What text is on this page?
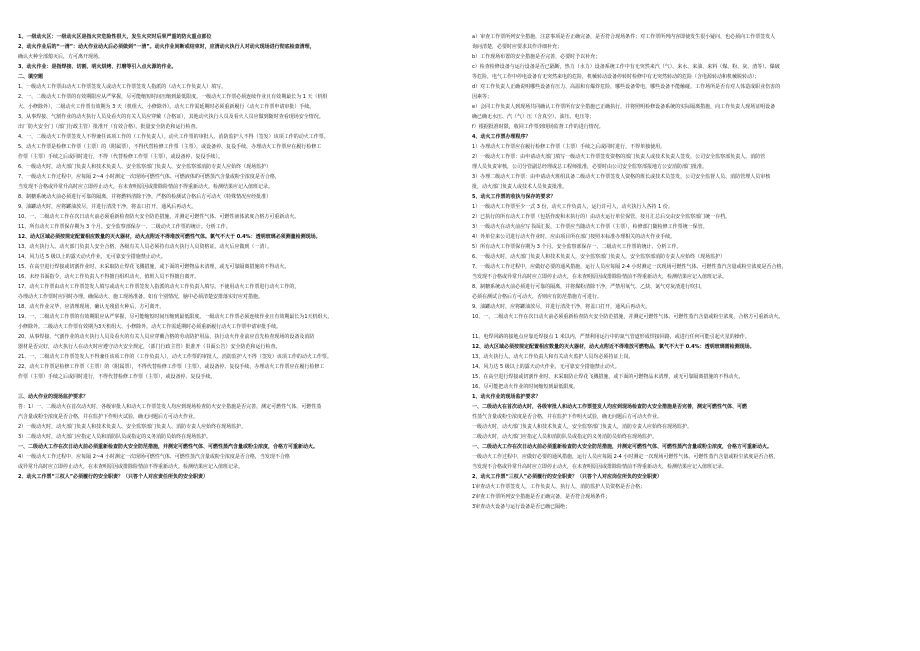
1、一级动火区：一级动火区是指火灾危险性很大，发生火灾时后果严重的防火重点部位

2、动火作业后的“一清”：动火作业动火后必须做到“一清”。动火作业间断或结束时，应清动火执行人对动火现场进行彻底检查清理，

确认火种全部熄灭后，方可离开现场。

3、动火作业：是指焊接、切割、明火烘烤、打磨等引入点火源的作业。

二、填空题

1、一级动火工作票由动火工作票签发人或动火工作票签发人指派的（动火工作负责人）填写。

2、一、二级动火工作票的有效期限应从严掌握，尽可能缩短时间压缩到最低限度。一级动火工作票必须连续作业且有效期最长为 1 天（机组

大、小修除外），二级动火工作票有效期为 3 天（机组大、小修除外）。动火工作需延期时必须重新履行（动火工作票申请审批）手续。

3、从事焊接、气割作业的动火执行人员及看火的有关人员应穿戴（合格证），其他动火执行人员及看火人员应做到随时查看现场安全情况。

出厂防火安全门（部门行政主管）批准开（有效合格）。批量安全防范和运行检查。

4、一、二级动火工作票签发人不得兼任该项工作的（工作负责人）。动火工作票的审批人、消防监护人不得（签发）该项工作的动火工作票。

5、动火工作票是检修工作票（主票）的（附属票），不得代替检修工作票（主票），或设备停、复役手续，办理动火工作票应在履行检修工

作票（主票）手续之后或同时进行，不得（代替检修工作票（主票），或设备停、复役手续）。

6、一级动火时，动火部门负责人和技术负责人、安全监察部门负责人、安全监察部消防专责人应始终（现场监护）

7、一级动火工作过程中，应每隔 2~4 小时测定一次现场可燃性气体、可燃液体的可燃蒸汽含量或粉尘浓度是否合格，

当发现不合格或异常升高时应立即停止动火，在未查明原因或排除险情前不得重新动火。检测结果应记入值班记录。

8、制糖系统动火前必须进行可靠的隔离，并将燃料清除干净，严格的检测试合格后方可动火（特殊情况应经批准）

9、油罐动火时，应将罐油放尽，并进行清洗干净，将盖口打开，通风后再动火。

10、一、二级动火工作在次日动火前必须重新检查防火安全防范措施，并测定可燃性气体、可燃性液体浓度合格方可重新动火。

11、所有动火工作票保存期为 3 个月。安全监察部保存一、二级动火工作票的统计。分析工作。

12、动火区域必须按规定配置相应数量的灭火器材，动火点附近不得堆放可燃性气体。氯气不大于 0.4%：透明玻璃必须测量检测现场。

13、动火执行人、动火部门负责人安全合格，各级有关人员必须持有动火执行人员资格证。动火后应做到（一清）。

14、风力达 5 级以上的露天动火作业，无可靠安全措施禁止动火。

15、在高空进行焊接或切割作业时，未采取防止焊花飞溅措施，或下面的可燃物品未清理，或无可靠隔离措施的不得动火。

16、未经书面指令，动火工作负责人不得擅自组织动火，值班人员不得擅自离开。

17、动火工作票由动火工作票签发人填写或动火工作票签发人指派的动火工作负责人填写。不使用动火工作票进行动火工作的，

办理动火工作票时应同时办理。确保动火、施工现场准备。如有个别情况，脑中必须清楚安排落实好应对措施。

18、动火作业完毕，应清理现场，确认无残留火种后，方可离开。

19、一、二级动火工作票的有效期限应从严掌握，尽可能缩短时间压缩到最低限度。一级动火工作票必须连续作业且有效期最长为1天机组大、

小修除外。二级动火工作票有效期为3天机组大、小修除外。动火工作需延期时必须重新履行动火工作票申请审批手续。

20、从事焊接、气割作业的动火执行人员及看火的有关人员应穿戴合格的劳动防护用品，执行动火作业前应首先检查现场的设备及消防

器材是否完好，动火执行人在动火时应遵守动火安全规定，（部门行政主管）批准开（书面公告）安全防范和运行检查。

21、一、二级动火工作票签发人不得兼任该项工作的（工作负责人），动火工作票的审批人、消防监护人不得（签发）该项工作的动火工作票。

22、动火工作票是检修工作票（主票）的（附属票），不得代替检修工作票（主票），或设备停、复役手续，办理动火工作票应在履行检修工

作票（主票）手续之后或同时进行，不得代替检修工作票（主票），或设备停、复役手续。

三、动火作业的现场监护要求？

答：1）一、二级动火在首次动火时，各级审批人和动火工作票签发人均应到现场检查防火安全措施是否完善，测定可燃性气体、可燃性蒸

汽含量或粉尘浓度是否合格，并在监护下作明火试验，确无问题后方可动火作业。

2）一级动火时，动火部门负责人和技术负责人、安全监察部门负责人、消防专责人应始终在现场监护。

3）二级动火时，动火部门应指定人员和消防队员或指定的义务消防员始终在现场监护。

一、二级动火工作在次日动火前必须重新检查防火安全防范措施，并测定可燃性气体、可燃性蒸汽含量或粉尘浓度，合格方可重新动火。

4）一级动火工作过程中，应每隔 2~4 小时测定一次现场可燃性气体、可燃性蒸汽含量或粉尘浓度是否合格，当发现不合格

或异常升高时应立即停止动火，在未查明原因或排除险情前不得重新动火。检测结果应记入值班记录。

2、动火工作票“三权人”必须履行的安全职责？（只答个人对应责任所负的安全职责）

a）审查工作票所列安全措施，注意事项是否正确完备，是否符合现场条件；对工作票所列内容即使发生很小疑问，也必须向工作票签发人

询问清楚，必要时应要求其作详细补充；

b）工作现场布置的安全措施是否完善，必要时予以补充；

c）检查检修设备与运行设备是否已隔断，热力（水力）设备系统工作中有无突然来汽（气）、来水、来油、来料（煤、粉、灰、渣等）、爆破

等危险，电气工作中停电设备有无突然来电的危险，机械转动设备停转时检修中有无突然转动的危险（含电源转动和机械脱转动）；

d）对工作负责人正确说明哪些设备有压力、高温和有爆炸危险，哪些设备带电，哪些设备不能触碰。工作场所是否有对人体造成职业伤害的

因素等；

e）会同工作负责人到现场共同确认工作票所有安全措施已正确执行，并将照明检修设备系统的实际隔离措施，向工作负责人现场证明设备

确已确无水压、汽（气）压（含真空）、油压、电压等；

f）根据批准时限，收回工作票到现场监督工作的进行情况。

4、动火工作票办理程序？

1）办理动火工作票应在履行检修工作票（主票）手续之后或同时进行，不得单独使用。

2）一级动火工作票：由申请动火部门填写一级动火工作票签发资格的部门负责人或技术负责人签发，公司安全监察部负责人、消防管

理人员负责审核，公司分管副总经理或总工程师批准，必要时由公司安全监察部报地方公安消防部门批准。

3）办理二级动火工作票：由申请动火班组具备二级动火工作票签发人资格的班长或技术员签发，公司安全监督人员、消防管理人员审核

批，动火部门负责人或技术人员负责批准。

5、动火工作票的收执与保存的要求？

1）一级动火工作票至少一式 3 份，动火工作负责人，运行许可人，动火执行人各持 1 份。

2）已执行的所有动火工作票（包括作废和未执行的）由动火运行单位保管，按月汇总后交由安全监察部门统一存档。

3）一级动火在动火前应写书面汇报，工作票应当随动火工作票（主票），检修部门随检修工作票统一保管。

4）外单位来公司进行动火作业时，应由项目所在部门按照本标准办理相关的动火作业手续。

5）所有动火工作票保存期为 3 个月。安全监察部保存一、二级动火工作票的统计、分析工作。

6、一级动火时，动火部门负责人和技术负责人，安全监察部门负责人，安全监察部消防专责人应始终（现场监护）

7、一级动火工作过程中，应做好必要的通风措施，运行人员应每隔 2-4 小时测定一次现场可燃性气体、可燃性蒸汽含量或粉尘浓度是否合格，

当发现不合格或异常升高时应立即停止动火，在未查明原因或排除险情前不得重新动火，检测结果应记入值班记录。

8、制糖系统动火前必须进行可靠的隔离，并将煤粉清除干净，严禁用氧气、乙炔、氮气对灰渣进行吹扫，

必须在测试合格后方可动火，否则应有防范措施方可进行。

9、油罐动火时，应将罐油放尽，并进行清洗干净，将盖口打开，通风后再动火。

10、一、二级动火工作在次日动火前必须重新检查防火安全防范措施，并测定可燃性气体、可燃性蒸汽含量或粉尘浓度，合格方可重新动火。

11、电焊回路的接地点应靠近焊接点 1 米以内，严禁利用运行中的氮气管道形成焊接回路，或进行任何可能引起火星的操作。

12、动火区域必须按规定配置相应数量的灭火器材，动火点附近不得堆放可燃物品，氯气不大于 0.4%：透明玻璃需检测现场。

13、动火执行人、动火工作负责人和有关动火监护人员均必须持证上岗。

14、风力达 5 级以上的露天动火作业，无可靠安全措施禁止动火。

15、在高空进行焊接或切割作业时，未采取防止焊花飞溅措施，或下面的可燃物品未清理，或无可靠隔离措施的不得动火。

16、尽可能把动火作业的时间缩短到最低限度。

1、动火作业的现场监护要求？

一、二级动火在首次动火时，各级审批人和动火工作票签发人均应到现场检查防火安全措施是否完善，测定可燃性气体、可燃

性蒸气含量或粉尘浓度是否合格，并在监护下作明火试验，确无问题后方可动火作业。

一级动火时，动火部门负责人和技术负责人，安全监察部门负责人，消防专责人应始终在现场监护。

二级动火时，动火部门应指定人员和消防队员或指定的义务消防员始终在现场监护。

一、二级动火工作在次日动火前必须重新检查防火安全防范措施，并测定可燃性气体、可燃性蒸汽含量或粉尘浓度，合格方可重新动火。

一级动火工作过程中，应做好必要的通风措施，运行人员应每隔 2-4 小时测定一次现场可燃性气体、可燃性蒸汽含量或粉尘浓度是否合格，

当发现不合格或异常升高时应立即停止动火，在未查明原因或排除险情前不得重新动火，检测结果应记入值班记录。

2、动火工作票“三权人”必须履行的安全职责？（只答个人对应岗位所负的安全职责）

1审查动火工作票签发人，工作负责人、执行人，消防监护人员资格是否合格；

2审查工作票所列安全措施是否正确完备，是否符合现场条件；

3审查动火设备与运行设备是否已确已隔绝；
